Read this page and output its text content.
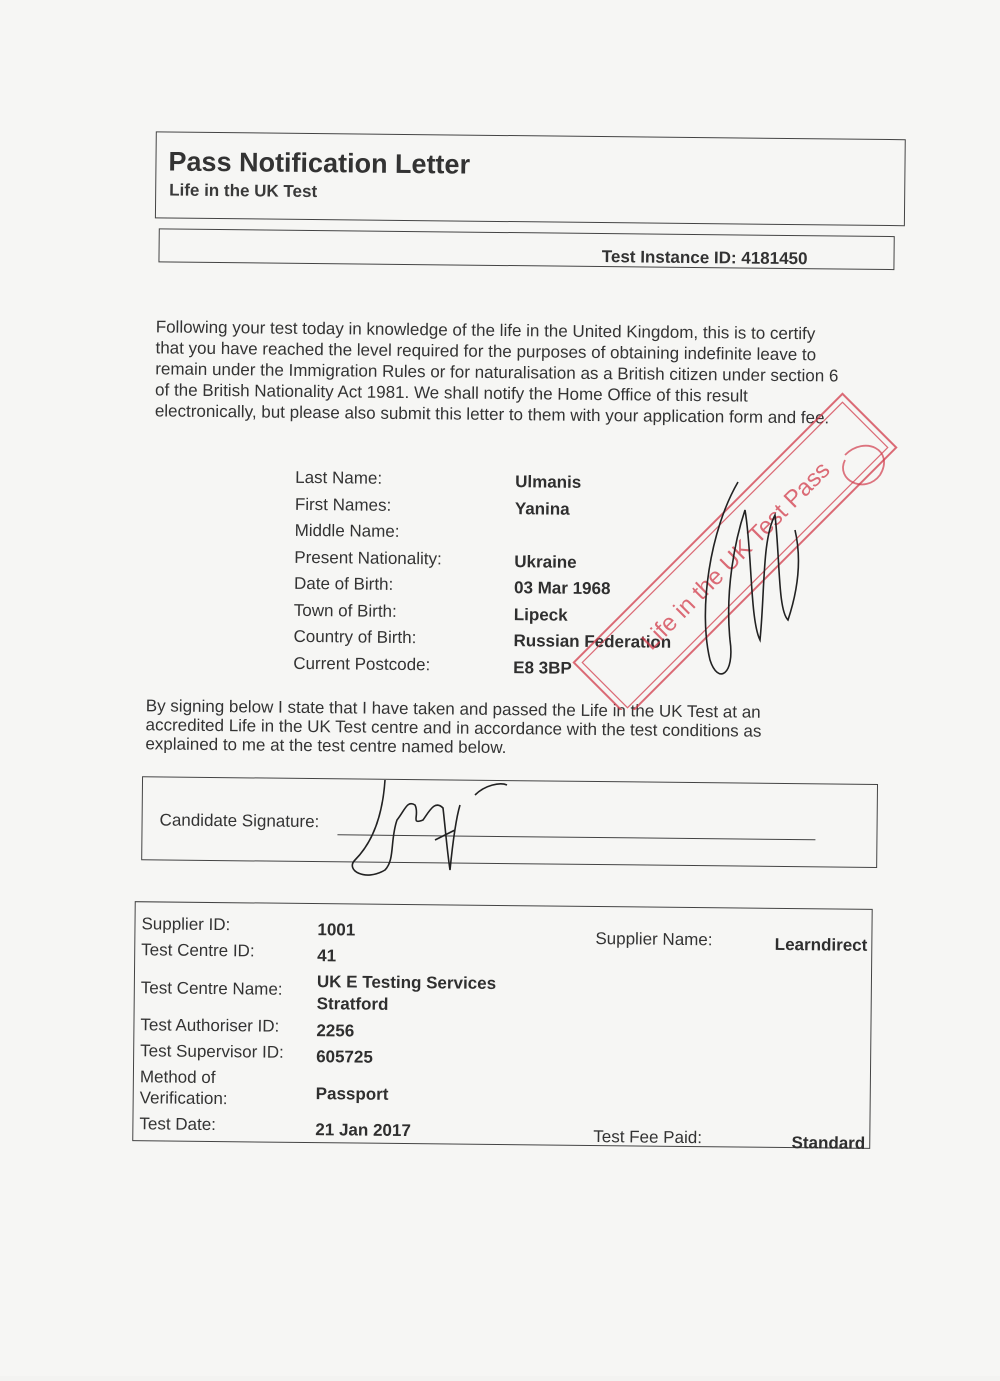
Pass Notification Letter
Life in the UK Test
Test Instance ID: 4181450
Following your test today in knowledge of the life in the United Kingdom, this is to certify
that you have reached the level required for the purposes of obtaining indefinite leave to
remain under the Immigration Rules or for naturalisation as a British citizen under section 6
of the British Nationality Act 1981. We shall notify the Home Office of this result
electronically, but please also submit this letter to them with your application form and fee.
Last Name:	Ulmanis
First Names:	Yanina
Middle Name:
Present Nationality:	Ukraine
Date of Birth:	03 Mar 1968
Town of Birth:	Lipeck
Country of Birth:	Russian Federation
Current Postcode:	E8 3BP
By signing below I state that I have taken and passed the Life in the UK Test at an
accredited Life in the UK Test centre and in accordance with the test conditions as
explained to me at the test centre named below.
Candidate Signature:
Supplier ID:	1001	Supplier Name:	Learndirect
Test Centre ID:	41
Test Centre Name: UK E Testing Services
Stratford
Test Authoriser ID: 2256
Test Supervisor ID: 605725
Method of
Verification:	Passport
Test Date:	21 Jan 2017	Test Fee Paid:	Standard
Life in the UK Test Pass
